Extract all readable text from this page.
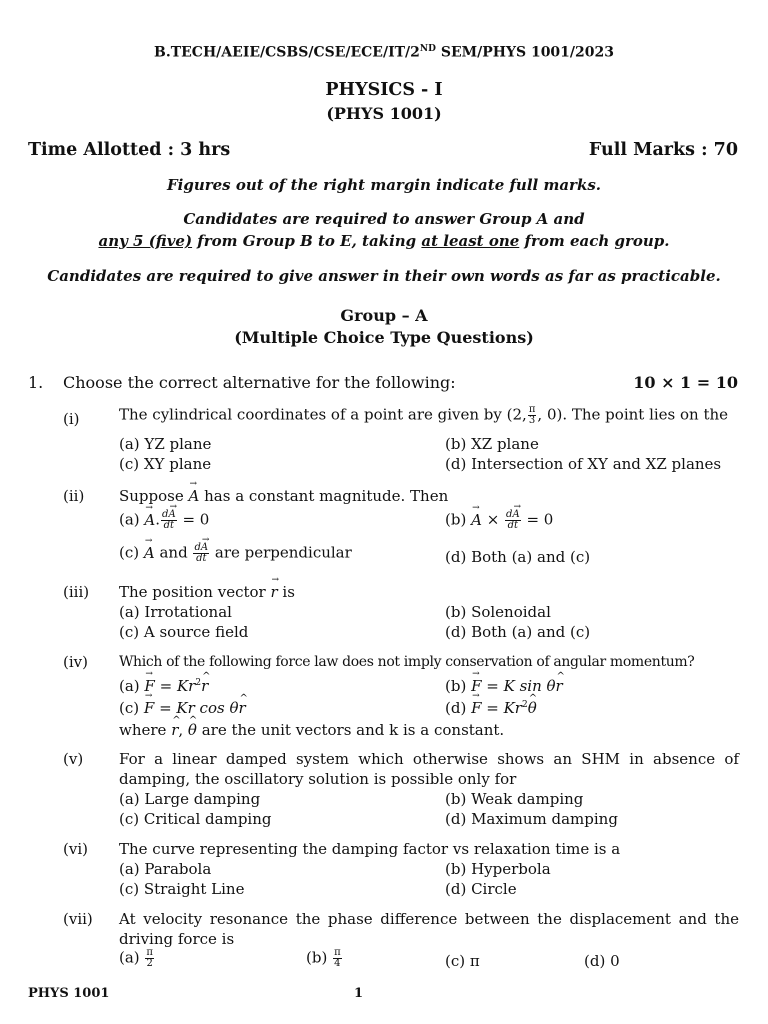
B.TECH/AEIE/CSBS/CSE/ECE/IT/2ND SEM/PHYS 1001/2023
PHYSICS - I
(PHYS 1001)
Time Allotted : 3 hrs	Full Marks : 70
Figures out of the right margin indicate full marks.
Candidates are required to answer Group A and
any 5 (five) from Group B to E, taking at least one from each group.
Candidates are required to give answer in their own words as far as practicable.
Group – A
(Multiple Choice Type Questions)
1. Choose the correct alternative for the following:	10 × 1 = 10
(i)	The cylindrical coordinates of a point are given by (2, $\frac{\pi}{3}$ , 0). The point lies on the
(a) YZ plane	(b) XZ plane
(c) XY plane	(d) Intersection of XY and XZ planes
(ii) Suppose → A has a constant magnitude. Then
(a) → A. $\frac{d\to A}{dt} = 0$	$(b) \to A \times \frac{d\to A}{dt} = 0$
(c) → A and $\frac{d\to A}{dt}$ are perpendicular	(d) Both (a) and (c)
(iii) The position vector → r is
(a) Irrotational	(b) Solenoidal
(c) A source field	(d) Both (a) and (c)
(iv) Which of the following force law does not imply conservation of angular momentum?
$(a) \to F = Kr^2\^{}$ r	(b) → F = K sin θ^ r
(c) → F = Kr cos θ^ r	$(d) \to F = Kr^2\^{}$ θ
where ^ r, ^ θ are the unit vectors and k is a constant.
(v) For a linear damped system which otherwise shows an SHM in absence of
damping, the oscillatory solution is possible only for
(a) Large damping	(b) Weak damping
(c) Critical damping	(d) Maximum damping
(vi) The curve representing the damping factor vs relaxation time is a
(a) Parabola	(b) Hyperbola
(c) Straight Line	(d) Circle
(vii) At velocity resonance the phase difference between the displacement and the
driving force is
$(a) \frac{\pi}{2}$	$(b) \frac{\pi}{4}$	(c) π	(d) 0
PHYS 1001	1
